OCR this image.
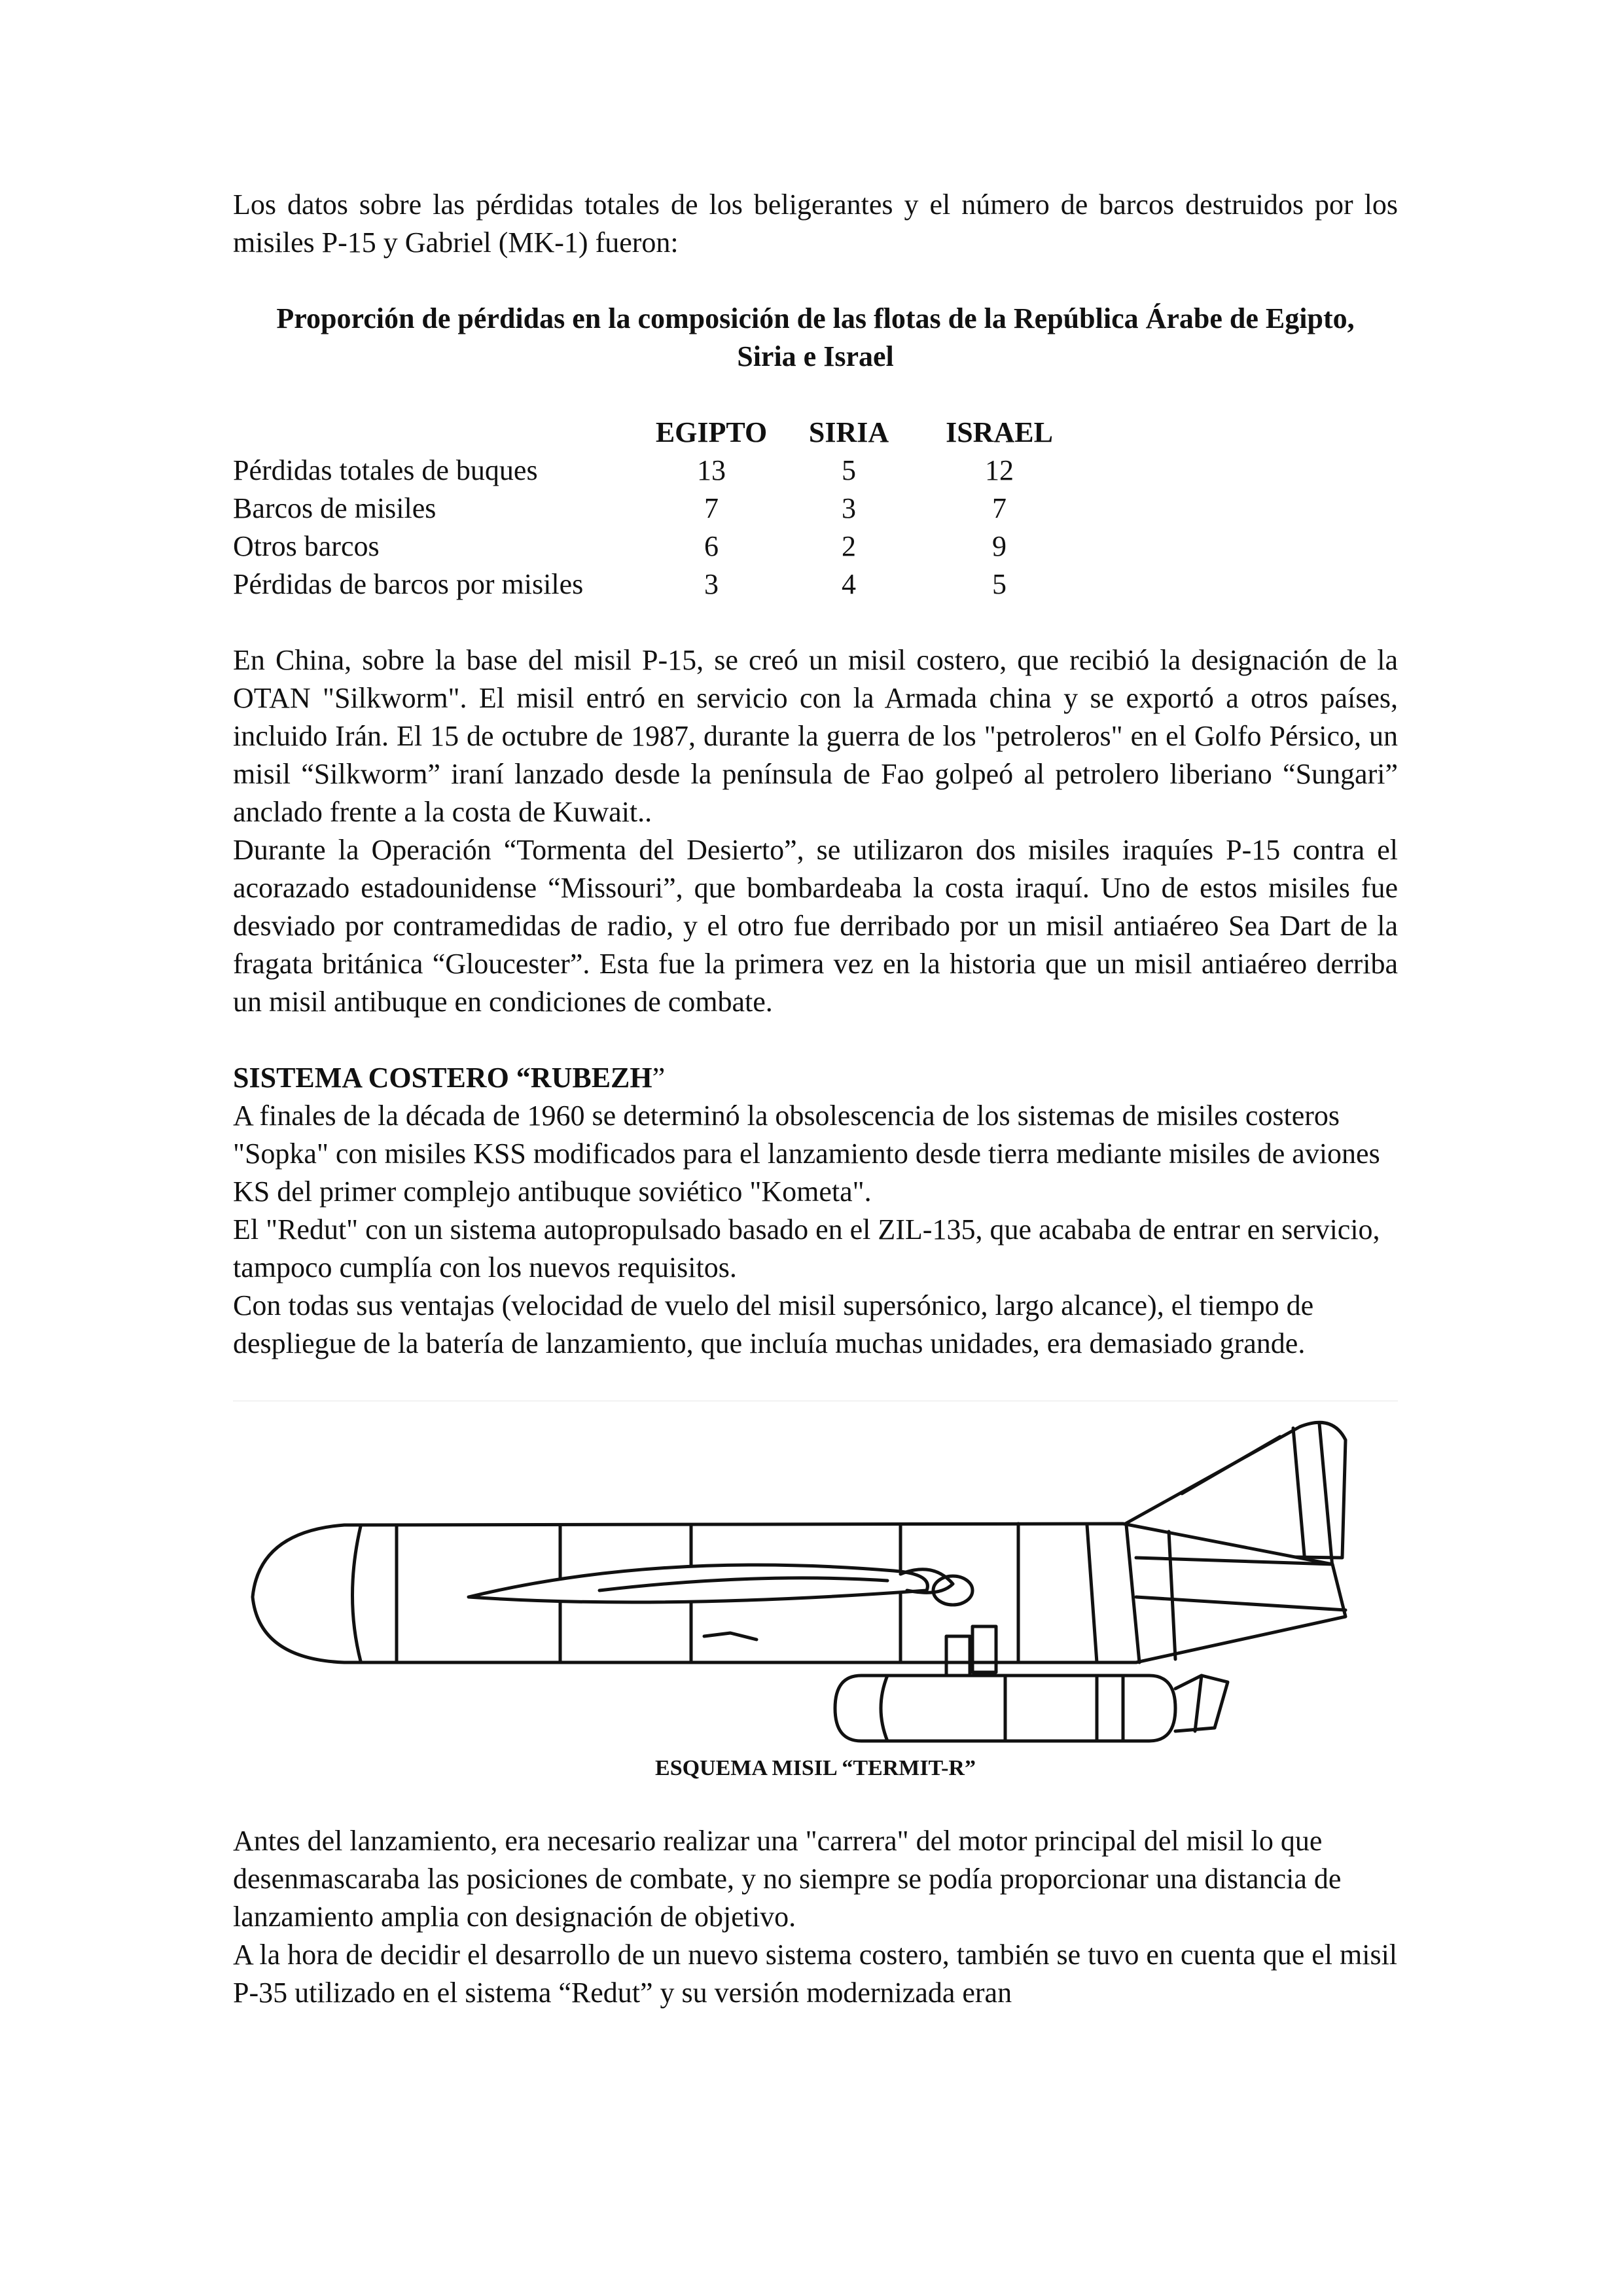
Los datos sobre las pérdidas totales de los beligerantes y el número de barcos destruidos por los misiles P-15 y Gabriel (MK-1) fueron:

Proporción de pérdidas en la composición de las flotas de la República Árabe de Egipto, Siria e Israel
	EGIPTO	SIRIA	ISRAEL
Pérdidas totales de buques	13	5	12
Barcos de misiles	7	3	7
Otros barcos	6	2	9
Pérdidas de barcos por misiles	3	4	5

En China, sobre la base del misil P-15, se creó un misil costero, que recibió la designación de la OTAN "Silkworm". El misil entró en servicio con la Armada china y se exportó a otros países, incluido Irán. El 15 de octubre de 1987, durante la guerra de los "petroleros" en el Golfo Pérsico, un misil “Silkworm” iraní lanzado desde la península de Fao golpeó al petrolero liberiano “Sungari” anclado frente a la costa de Kuwait..

Durante la Operación “Tormenta del Desierto”, se utilizaron dos misiles iraquíes P-15 contra el acorazado estadounidense “Missouri”, que bombardeaba la costa iraquí. Uno de estos misiles fue desviado por contramedidas de radio, y el otro fue derribado por un misil antiaéreo Sea Dart de la fragata británica “Gloucester”. Esta fue la primera vez en la historia que un misil antiaéreo derriba un misil antibuque en condiciones de combate.

SISTEMA COSTERO “RUBEZH”

A finales de la década de 1960 se determinó la obsolescencia de los sistemas de misiles costeros "Sopka" con misiles KSS modificados para el lanzamiento desde tierra mediante misiles de aviones KS del primer complejo antibuque soviético "Kometa".

El "Redut" con un sistema autopropulsado basado en el ZIL-135, que acababa de entrar en servicio, tampoco cumplía con los nuevos requisitos.

Con todas sus ventajas (velocidad de vuelo del misil supersónico, largo alcance), el tiempo de despliegue de la batería de lanzamiento, que incluía muchas unidades, era demasiado grande.

ESQUEMA MISIL “TERMIT-R”

Antes del lanzamiento, era necesario realizar una "carrera" del motor principal del misil lo que desenmascaraba las posiciones de combate, y no siempre se podía proporcionar una distancia de lanzamiento amplia con designación de objetivo.

A la hora de decidir el desarrollo de un nuevo sistema costero, también se tuvo en cuenta que el misil P-35 utilizado en el sistema “Redut” y su versión modernizada eran
